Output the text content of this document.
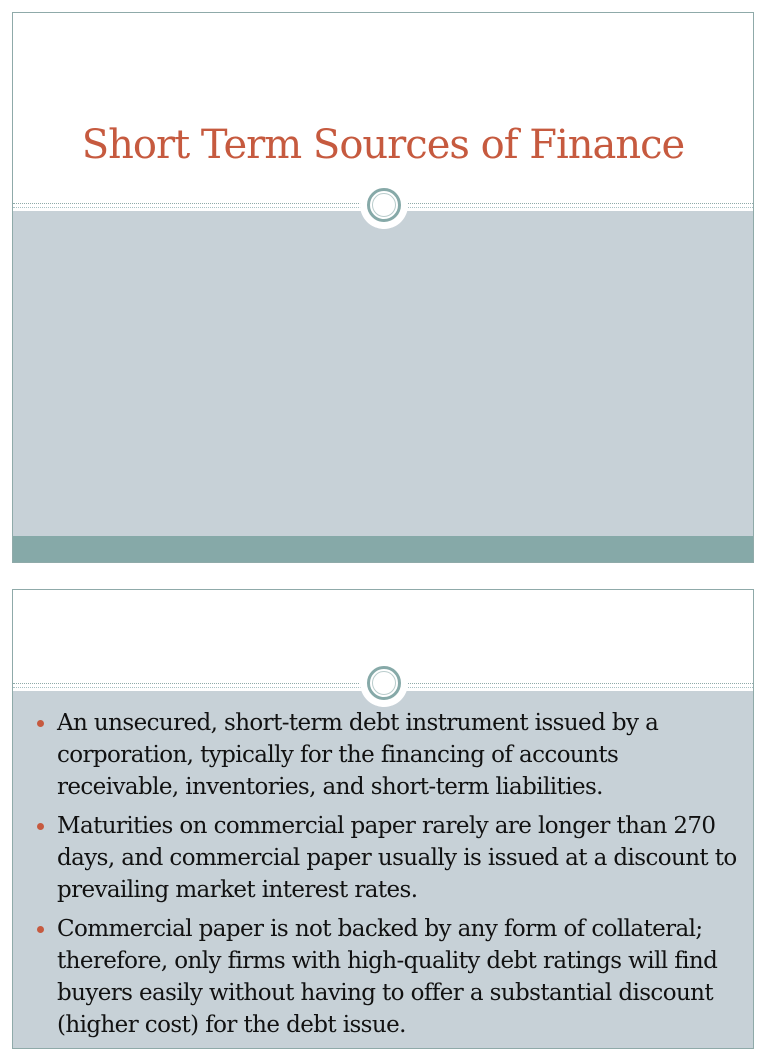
Short Term Sources of Finance
An unsecured, short-term debt instrument issued by a corporation, typically for the financing of accounts receivable, inventories, and short-term liabilities.
Maturities on commercial paper rarely are longer than 270 days, and commercial paper usually is issued at a discount to prevailing market interest rates.
Commercial paper is not backed by any form of collateral; therefore, only firms with high-quality debt ratings will find buyers easily without having to offer a substantial discount (higher cost) for the debt issue.
